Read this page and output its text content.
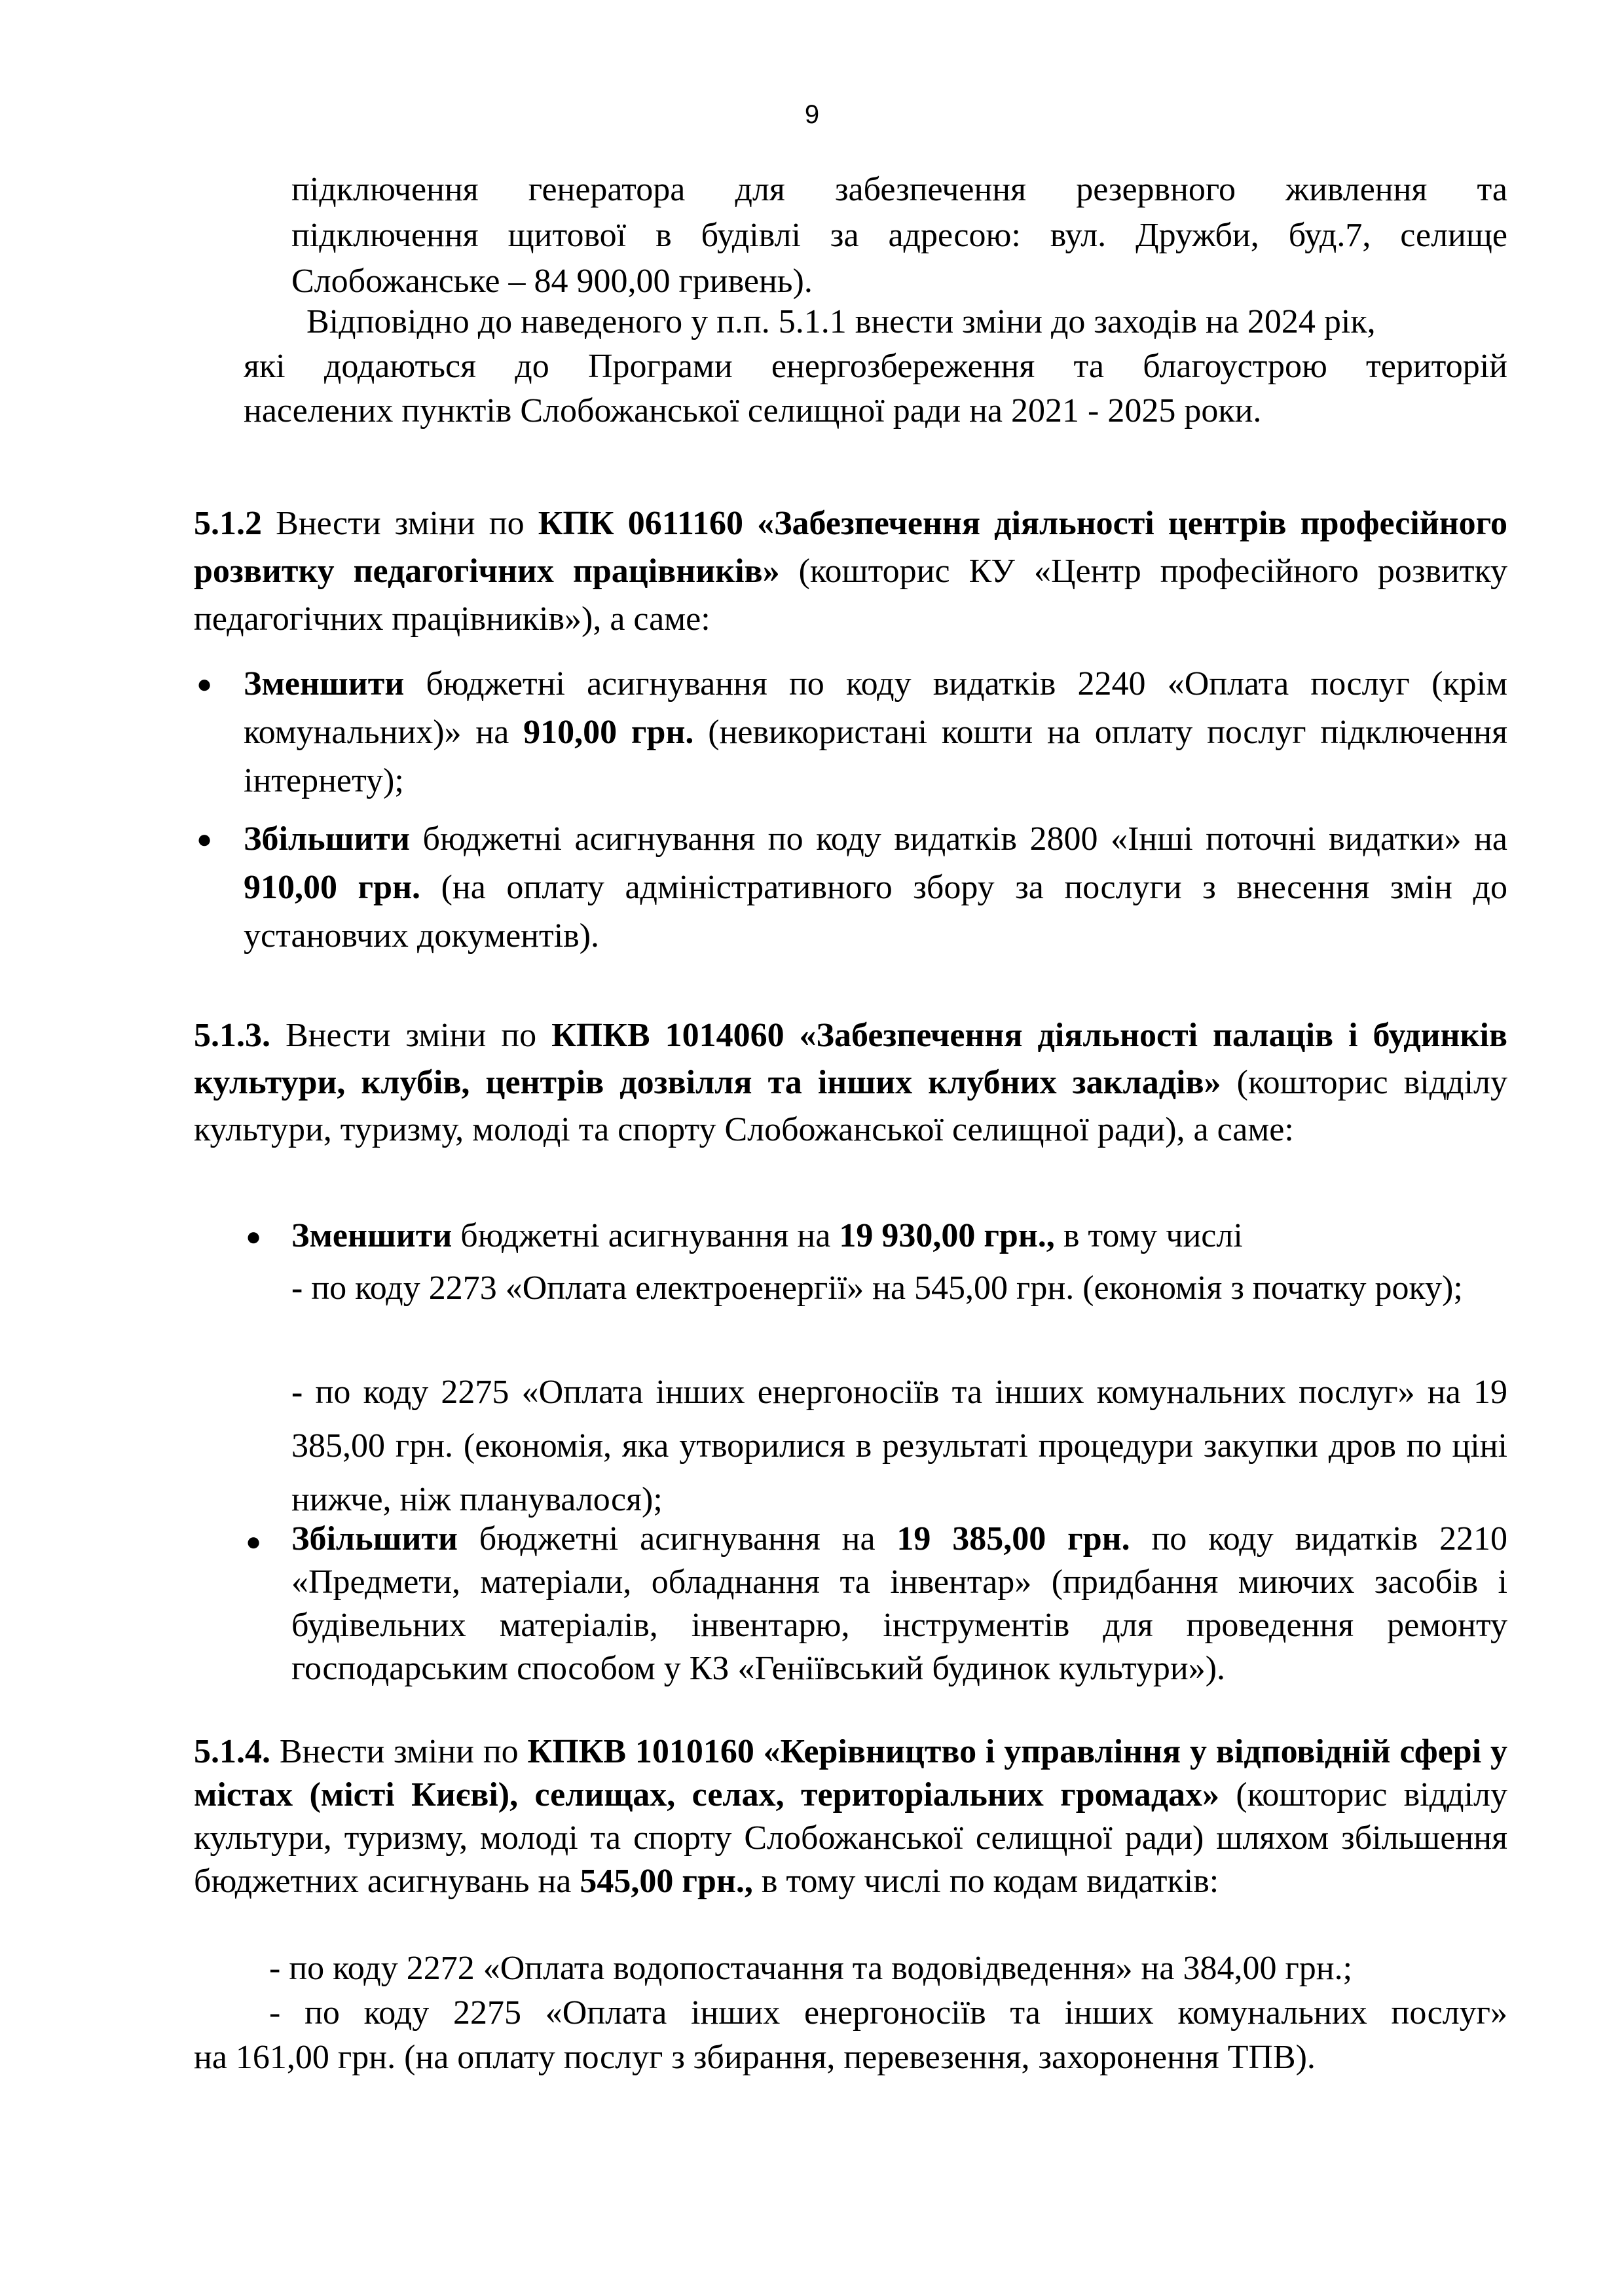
9
підключення генератора для забезпечення резервного живлення та
підключення щитової в будівлі за адресою: вул. Дружби, буд.7, селище
Слобожанське – 84 900,00 гривень).
Відповідно до наведеного у п.п. 5.1.1 внести зміни до заходів на 2024 рік,
які додаються до Програми енергозбереження та благоустрою територій
населених пунктів Слобожанської селищної ради на 2021 - 2025 роки.

5.1.2 Внести зміни по КПК 0611160 «Забезпечення діяльності центрів професійного розвитку педагогічних працівників» (кошторис КУ «Центр професійного розвитку педагогічних працівників»), а саме:

● Зменшити бюджетні асигнування по коду видатків 2240 «Оплата послуг (крім комунальних)» на 910,00 грн. (невикористані кошти на оплату послуг підключення інтернету);

● Збільшити бюджетні асигнування по коду видатків 2800 «Інші поточні видатки» на 910,00 грн. (на оплату адміністративного збору за послуги з внесення змін до установчих документів).

5.1.3. Внести зміни по КПКВ 1014060 «Забезпечення діяльності палаців і будинків культури, клубів, центрів дозвілля та інших клубних закладів» (кошторис відділу культури, туризму, молоді та спорту Слобожанської селищної ради), а саме:

● Зменшити бюджетні асигнування на 19 930,00 грн., в тому числі

- по коду 2273 «Оплата електроенергії» на 545,00 грн. (економія з початку року);

- по коду 2275 «Оплата інших енергоносіїв та інших комунальних послуг» на 19 385,00 грн. (економія, яка утворилися в результаті процедури закупки дров по ціні нижче, ніж планувалося);

● Збільшити бюджетні асигнування на 19 385,00 грн. по коду видатків 2210 «Предмети, матеріали, обладнання та інвентар» (придбання миючих засобів і будівельних матеріалів, інвентарю, інструментів для проведення ремонту господарським способом у КЗ «Геніївський будинок культури»).

5.1.4. Внести зміни по КПКВ 1010160 «Керівництво і управління у відповідній сфері у містах (місті Києві), селищах, селах, територіальних громадах» (кошторис відділу культури, туризму, молоді та спорту Слобожанської селищної ради) шляхом збільшення бюджетних асигнувань на 545,00 грн., в тому числі по кодам видатків:

- по коду 2272 «Оплата водопостачання та водовідведення» на 384,00 грн.;
- по коду 2275 «Оплата інших енергоносіїв та інших комунальних послуг»
на 161,00 грн. (на оплату послуг з збирання, перевезення, захоронення ТПВ).
